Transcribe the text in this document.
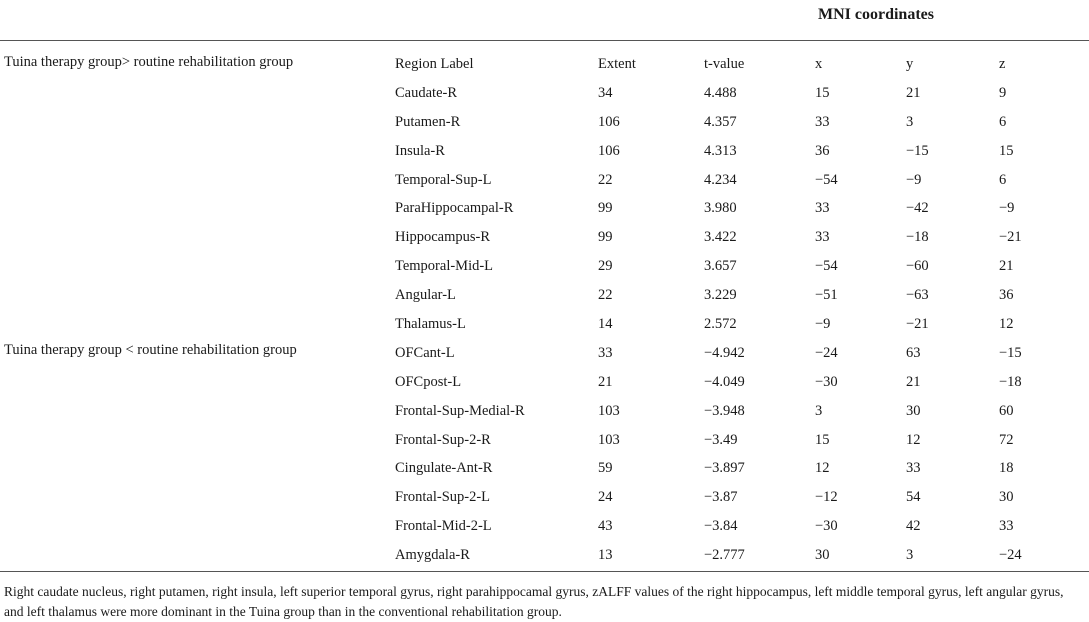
MNI coordinates
Tuina therapy group> routine rehabilitation group
Tuina therapy group < routine rehabilitation group
Region Label	Extent	t-value	x	y	z
Caudate-R	34	4.488	15	21	9
Putamen-R	106	4.357	33	3	6
Insula-R	106	4.313	36	−15	15
Temporal-Sup-L	22	4.234	−54	−9	6
ParaHippocampal-R	99	3.980	33	−42	−9
Hippocampus-R	99	3.422	33	−18	−21
Temporal-Mid-L	29	3.657	−54	−60	21
Angular-L	22	3.229	−51	−63	36
Thalamus-L	14	2.572	−9	−21	12
OFCant-L	33	−4.942	−24	63	−15
OFCpost-L	21	−4.049	−30	21	−18
Frontal-Sup-Medial-R	103	−3.948	3	30	60
Frontal-Sup-2-R	103	−3.49	15	12	72
Cingulate-Ant-R	59	−3.897	12	33	18
Frontal-Sup-2-L	24	−3.87	−12	54	30
Frontal-Mid-2-L	43	−3.84	−30	42	33
Amygdala-R	13	−2.777	30	3	−24
Right caudate nucleus, right putamen, right insula, left superior temporal gyrus, right parahippocamal gyrus, zALFF values of the right hippocampus, left middle temporal gyrus, left angular gyrus, and left thalamus were more dominant in the Tuina group than in the conventional rehabilitation group.
